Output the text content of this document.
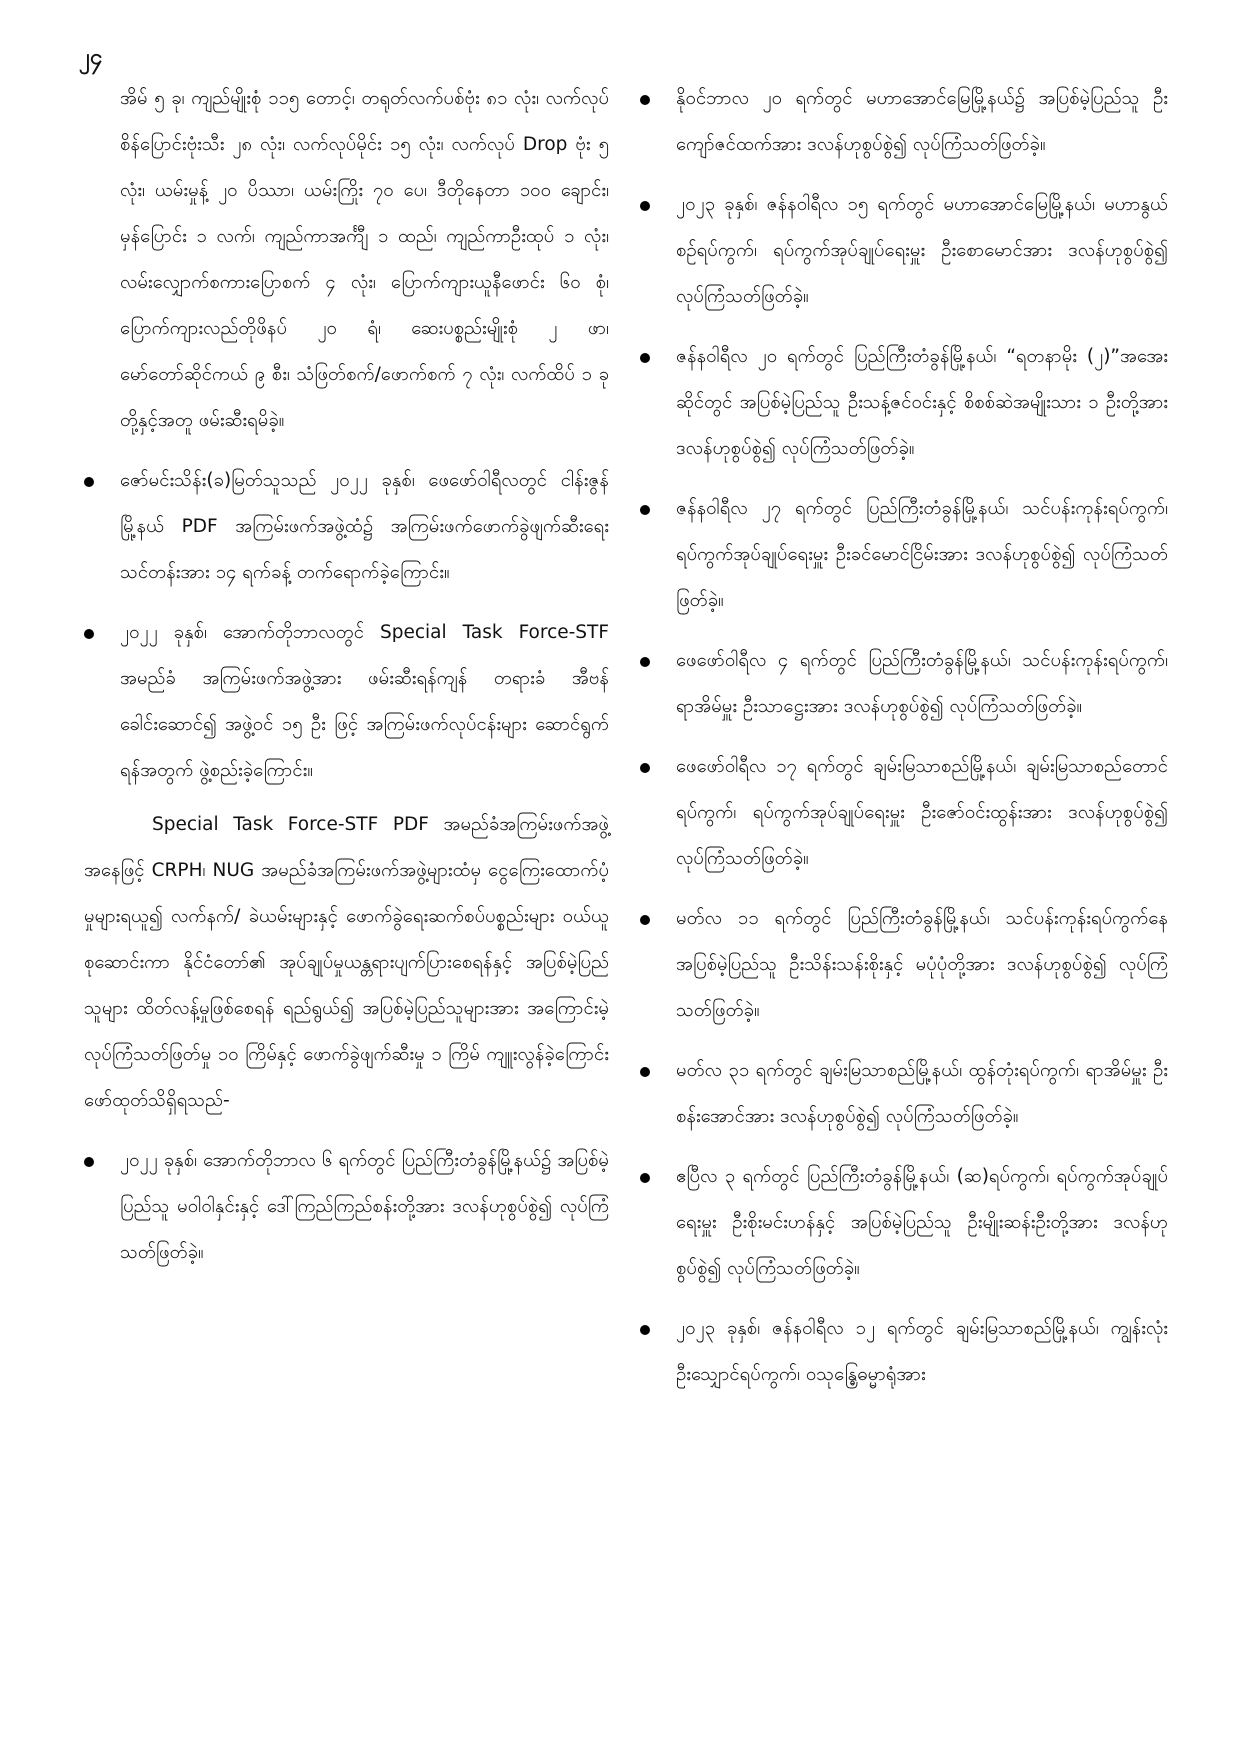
၂၄

အိမ် ၅ ခု၊ ကျည်မျိုးစုံ ၁၁၅ တောင့်၊ တရုတ်လက်ပစ်ဗုံး ၈၁ လုံး၊ လက်လုပ်စိန်ပြောင်းဗုံးသီး ၂၈ လုံး၊ လက်လုပ်မိုင်း ၁၅ လုံး၊ လက်လုပ် Drop ဗုံး ၅ လုံး၊ ယမ်းမှုန့် ၂၀ ပိဿာ၊ ယမ်းကြိုး ၇၀ ပေ၊ ဒီတိုနေတာ ၁၀၀ ချောင်း၊ မှန်ပြောင်း ၁ လက်၊ ကျည်ကာအင်္ကျီ ၁ ထည်၊ ကျည်ကာဦးထုပ် ၁ လုံး၊ လမ်းလျှောက်စကားပြောစက် ၄ လုံး၊ ပြောက်ကျားယူနီဖောင်း ၆၀ စုံ၊ ပြောက်ကျားလည်တိုဖိနပ် ၂၀ ရံ၊ ဆေးပစ္စည်းမျိုးစုံ ၂ ဖာ၊ မော်တော်ဆိုင်ကယ် ၉ စီး၊ သံဖြတ်စက်/ဖောက်စက် ၇ လုံး၊ လက်ထိပ် ၁ ခုတို့နှင့်အတူ ဖမ်းဆီးရမိခဲ့။

ဇော်မင်းသိန်း(ခ)မြတ်သူသည် ၂၀၂၂ ခုနှစ်၊ ဖေဖော်ဝါရီလတွင် ငါန်းဇွန်မြို့နယ် PDF အကြမ်းဖက်အဖွဲ့ထံ၌ အကြမ်းဖက်ဖောက်ခွဲဖျက်ဆီးရေးသင်တန်းအား ၁၄ ရက်ခန့် တက်ရောက်ခဲ့ကြောင်း။
၂၀၂၂ ခုနှစ်၊ အောက်တိုဘာလတွင် Special Task Force-STF အမည်ခံ အကြမ်းဖက်အဖွဲ့အား ဖမ်းဆီးရန်ကျန် တရားခံ အီဗန် ခေါင်းဆောင်၍ အဖွဲ့ဝင် ၁၅ ဦး ဖြင့် အကြမ်းဖက်လုပ်ငန်းများ ဆောင်ရွက်ရန်အတွက် ဖွဲ့စည်းခဲ့ကြောင်း။

Special Task Force-STF PDF အမည်ခံအကြမ်းဖက်အဖွဲ့အနေဖြင့် CRPH၊ NUG အမည်ခံအကြမ်းဖက်အဖွဲ့များထံမှ ငွေကြေးထောက်ပံ့မှုများရယူ၍ လက်နက်/ ခဲယမ်းများနှင့် ဖောက်ခွဲရေးဆက်စပ်ပစ္စည်းများ ဝယ်ယူစုဆောင်းကာ နိုင်ငံတော်၏ အုပ်ချုပ်မှုယန္တရားပျက်ပြားစေရန်နှင့် အပြစ်မဲ့ပြည်သူများ ထိတ်လန့်မှုဖြစ်စေရန် ရည်ရွယ်၍ အပြစ်မဲ့ပြည်သူများအား အကြောင်းမဲ့လုပ်ကြံသတ်ဖြတ်မှု ၁၀ ကြိမ်နှင့် ဖောက်ခွဲဖျက်ဆီးမှု ၁ ကြိမ် ကျူးလွန်ခဲ့ကြောင်း ဖော်ထုတ်သိရှိရသည်-

၂၀၂၂ ခုနှစ်၊ အောက်တိုဘာလ ၆ ရက်တွင် ပြည်ကြီးတံခွန်မြို့နယ်၌ အပြစ်မဲ့ပြည်သူ မဝါဝါနှင်းနှင့် ဒေါ်ကြည်ကြည်စန်းတို့အား ဒလန်ဟုစွပ်စွဲ၍ လုပ်ကြံသတ်ဖြတ်ခဲ့။
နိုဝင်ဘာလ ၂၀ ရက်တွင် မဟာအောင်မြေမြို့နယ်၌ အပြစ်မဲ့ပြည်သူ ဦးကျော်ဇင်ထက်အား ဒလန်ဟုစွပ်စွဲ၍ လုပ်ကြံသတ်ဖြတ်ခဲ့။
၂၀၂၃ ခုနှစ်၊ ဇန်နဝါရီလ ၁၅ ရက်တွင် မဟာအောင်မြေမြို့နယ်၊ မဟာနွယ်စဉ်ရပ်ကွက်၊ ရပ်ကွက်အုပ်ချုပ်ရေးမှူး ဦးစောမောင်အား ဒလန်ဟုစွပ်စွဲ၍ လုပ်ကြံသတ်ဖြတ်ခဲ့။
ဇန်နဝါရီလ ၂၀ ရက်တွင် ပြည်ကြီးတံခွန်မြို့နယ်၊ “ရတနာမိုး (၂)”အအေးဆိုင်တွင် အပြစ်မဲ့ပြည်သူ ဦးသန့်ဇင်ဝင်းနှင့် စိစစ်ဆဲအမျိုးသား ၁ ဦးတို့အား ဒလန်ဟုစွပ်စွဲ၍ လုပ်ကြံသတ်ဖြတ်ခဲ့။
ဇန်နဝါရီလ ၂၇ ရက်တွင် ပြည်ကြီးတံခွန်မြို့နယ်၊ သင်ပန်းကုန်းရပ်ကွက်၊ ရပ်ကွက်အုပ်ချုပ်ရေးမှူး ဦးခင်မောင်ငြိမ်းအား ဒလန်ဟုစွပ်စွဲ၍ လုပ်ကြံသတ် ဖြတ်ခဲ့။
ဖေဖော်ဝါရီလ ၄ ရက်တွင် ပြည်ကြီးတံခွန်မြို့နယ်၊ သင်ပန်းကုန်းရပ်ကွက်၊ ရာအိမ်မှူး ဦးသာဋ္ဌေးအား ဒလန်ဟုစွပ်စွဲ၍ လုပ်ကြံသတ်ဖြတ်ခဲ့။
ဖေဖော်ဝါရီလ ၁၇ ရက်တွင် ချမ်းမြသာစည်မြို့နယ်၊ ချမ်းမြသာစည်တောင်ရပ်ကွက်၊ ရပ်ကွက်အုပ်ချုပ်ရေးမှူး ဦးဇော်ဝင်းထွန်းအား ဒလန်ဟုစွပ်စွဲ၍ လုပ်ကြံသတ်ဖြတ်ခဲ့။
မတ်လ ၁၁ ရက်တွင် ပြည်ကြီးတံခွန်မြို့နယ်၊ သင်ပန်းကုန်းရပ်ကွက်နေ အပြစ်မဲ့ပြည်သူ ဦးသိန်းသန်းစိုးနှင့် မပုံပုံတို့အား ဒလန်ဟုစွပ်စွဲ၍ လုပ်ကြံသတ်ဖြတ်ခဲ့။
မတ်လ ၃၁ ရက်တွင် ချမ်းမြသာစည်မြို့နယ်၊ ထွန်တုံးရပ်ကွက်၊ ရာအိမ်မှူး ဦးစန်းအောင်အား ဒလန်ဟုစွပ်စွဲ၍ လုပ်ကြံသတ်ဖြတ်ခဲ့။
ဧပြီလ ၃ ရက်တွင် ပြည်ကြီးတံခွန်မြို့နယ်၊ (ဆ)ရပ်ကွက်၊ ရပ်ကွက်အုပ်ချုပ်ရေးမှူး ဦးစိုးမင်းဟန်နှင့် အပြစ်မဲ့ပြည်သူ ဦးမျိုးဆန်းဦးတို့အား ဒလန်ဟုစွပ်စွဲ၍ လုပ်ကြံသတ်ဖြတ်ခဲ့။
၂၀၂၃ ခုနှစ်၊ ဇန်နဝါရီလ ၁၂ ရက်တွင် ချမ်းမြသာစည်မြို့နယ်၊ ကျွန်းလုံးဦးသျှောင်ရပ်ကွက်၊ ဝသုန္ဓြေဓမ္မာရုံအား
